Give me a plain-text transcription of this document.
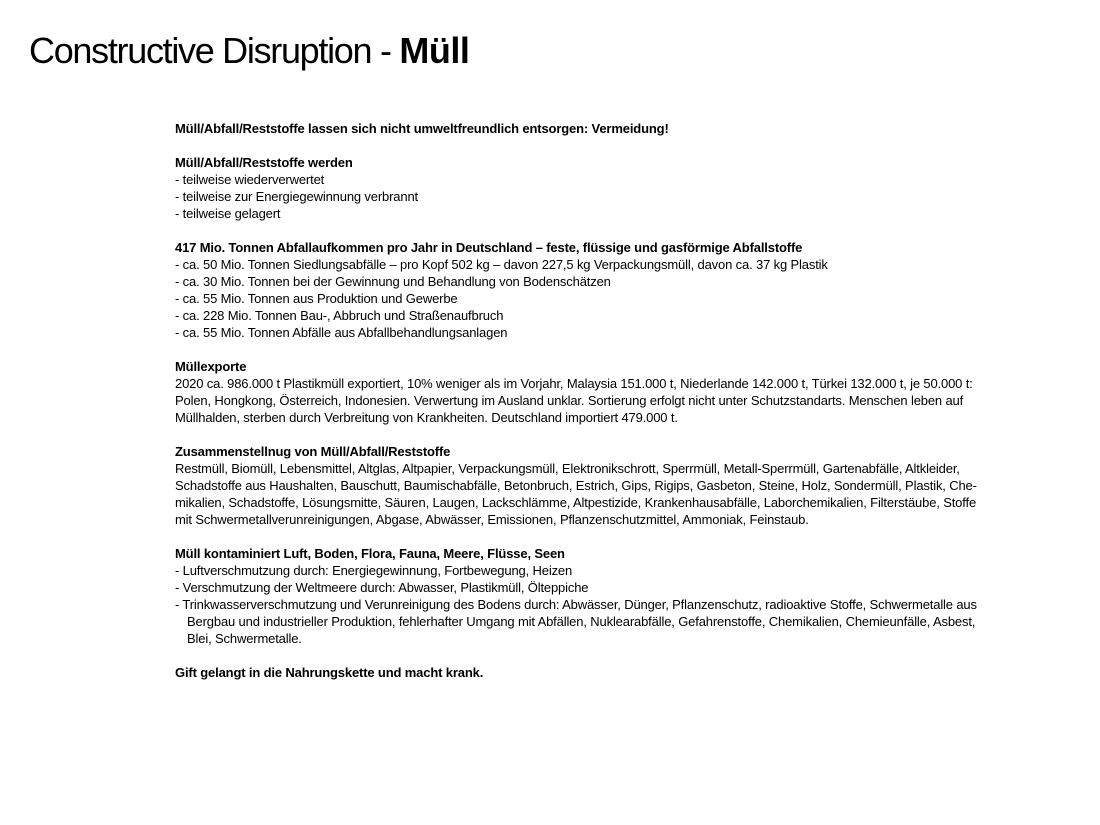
Constructive Disruption - Müll

Müll/Abfall/Reststoffe lassen sich nicht umweltfreundlich entsorgen: Vermeidung!

Müll/Abfall/Reststoffe werden

- teilweise wiederverwertet

- teilweise zur Energiegewinnung verbrannt

- teilweise gelagert

417 Mio. Tonnen Abfallaufkommen pro Jahr in Deutschland – feste, flüssige und gasförmige Abfallstoffe

- ca. 50 Mio. Tonnen Siedlungsabfälle – pro Kopf 502 kg – davon 227,5 kg Verpackungsmüll, davon ca. 37 kg Plastik

- ca. 30 Mio. Tonnen bei der Gewinnung und Behandlung von Bodenschätzen

- ca. 55 Mio. Tonnen aus Produktion und Gewerbe

- ca. 228 Mio. Tonnen Bau-, Abbruch und Straßenaufbruch

- ca. 55 Mio. Tonnen Abfälle aus Abfallbehandlungsanlagen

Müllexporte

2020 ca. 986.000 t Plastikmüll exportiert, 10% weniger als im Vorjahr, Malaysia 151.000 t, Niederlande 142.000 t, Türkei 132.000 t, je 50.000 t:
Polen, Hongkong, Österreich, Indonesien. Verwertung im Ausland unklar. Sortierung erfolgt nicht unter Schutzstandarts. Menschen leben auf
Müllhalden, sterben durch Verbreitung von Krankheiten. Deutschland importiert 479.000 t.

Zusammenstellnug von Müll/Abfall/Reststoffe

Restmüll, Biomüll, Lebensmittel, Altglas, Altpapier, Verpackungsmüll, Elektronikschrott, Sperrmüll, Metall-Sperrmüll, Gartenabfälle, Altkleider,
Schadstoffe aus Haushalten, Bauschutt, Baumischabfälle, Betonbruch, Estrich, Gips, Rigips, Gasbeton, Steine, Holz, Sondermüll, Plastik, Che-
mikalien, Schadstoffe, Lösungsmitte, Säuren, Laugen, Lackschlämme, Altpestizide, Krankenhausabfälle, Laborchemikalien, Filterstäube, Stoffe
mit Schwermetallverunreinigungen, Abgase, Abwässer, Emissionen, Pflanzenschutzmittel, Ammoniak, Feinstaub.

Müll kontaminiert Luft, Boden, Flora, Fauna, Meere, Flüsse, Seen

- Luftverschmutzung durch: Energiegewinnung, Fortbewegung, Heizen

- Verschmutzung der Weltmeere durch: Abwasser, Plastikmüll, Ölteppiche

- Trinkwasserverschmutzung und Verunreinigung des Bodens durch: Abwässer, Dünger, Pflanzenschutz, radioaktive Stoffe, Schwermetalle aus
Bergbau und industrieller Produktion, fehlerhafter Umgang mit Abfällen, Nuklearabfälle, Gefahrenstoffe, Chemikalien, Chemieunfälle, Asbest,
Blei, Schwermetalle.

Gift gelangt in die Nahrungskette und macht krank.
